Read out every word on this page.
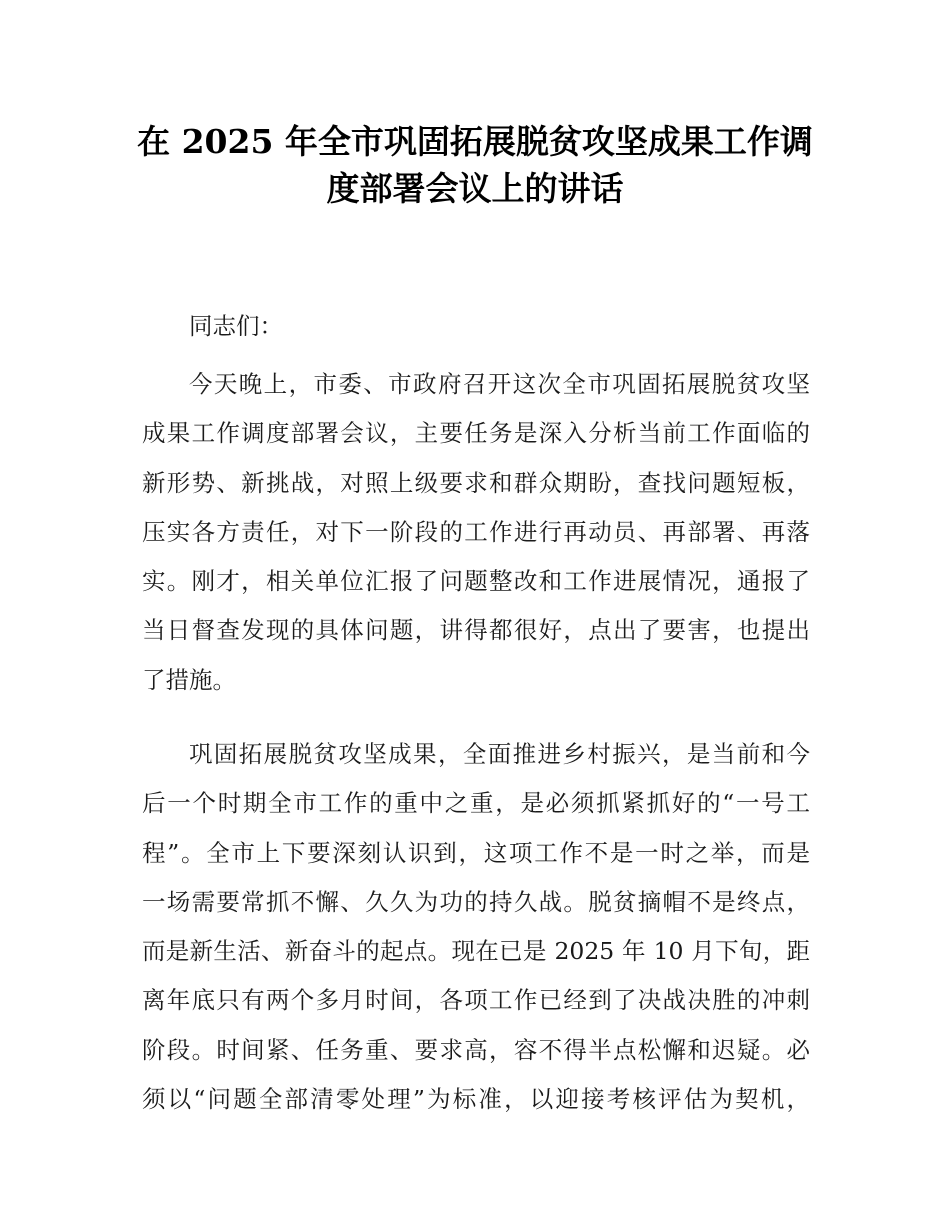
在 2025 年全市巩固拓展脱贫攻坚成果工作调
度部署会议上的讲话

同志们：

今天晚上，市委、市政府召开这次全市巩固拓展脱贫攻坚
成果工作调度部署会议，主要任务是深入分析当前工作面临的
新形势、新挑战，对照上级要求和群众期盼，查找问题短板，
压实各方责任，对下一阶段的工作进行再动员、再部署、再落
实。刚才，相关单位汇报了问题整改和工作进展情况，通报了
当日督查发现的具体问题，讲得都很好，点出了要害，也提出
了措施。
巩固拓展脱贫攻坚成果，全面推进乡村振兴，是当前和今
后一个时期全市工作的重中之重，是必须抓紧抓好的“一号工
程”。全市上下要深刻认识到，这项工作不是一时之举，而是
一场需要常抓不懈、久久为功的持久战。脱贫摘帽不是终点，
而是新生活、新奋斗的起点。现在已是 2025 年 10 月下旬，距
离年底只有两个多月时间，各项工作已经到了决战决胜的冲刺
阶段。时间紧、任务重、要求高，容不得半点松懈和迟疑。必
须以“问题全部清零处理”为标准，以迎接考核评估为契机，
